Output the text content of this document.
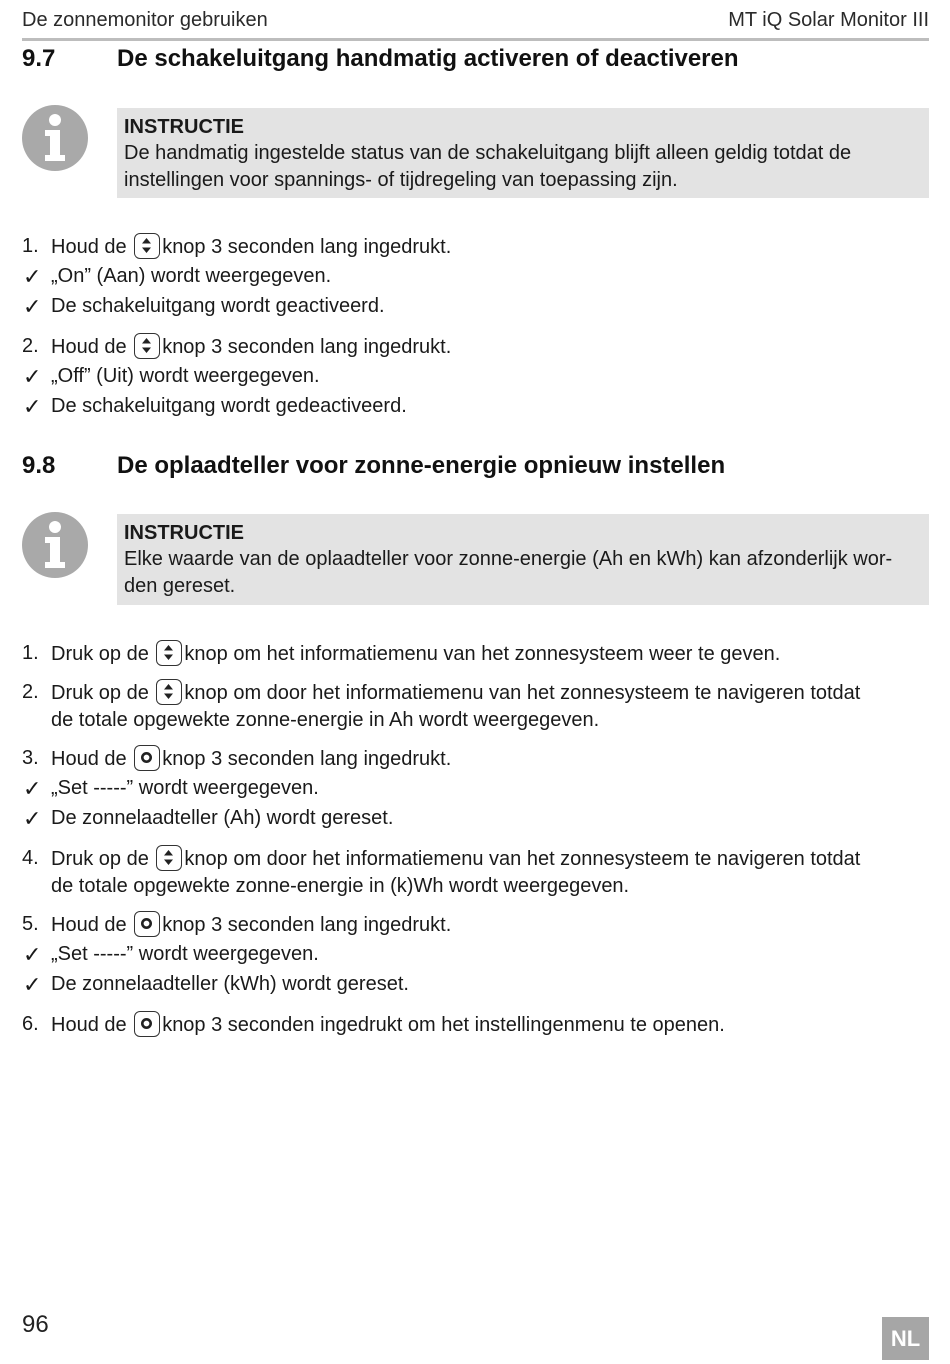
De zonnemonitor gebruiken	MT iQ Solar Monitor III
9.7	De schakeluitgang handmatig activeren of deactiveren
INSTRUCTIE
De handmatig ingestelde status van de schakeluitgang blijft alleen geldig totdat de
instellingen voor spannings- of tijdregeling van toepassing zijn.
1. Houd de knop 3 seconden lang ingedrukt.
✓ „On” (Aan) wordt weergegeven.
✓ De schakeluitgang wordt geactiveerd.
2. Houd de knop 3 seconden lang ingedrukt.
✓ „Off” (Uit) wordt weergegeven.
✓ De schakeluitgang wordt gedeactiveerd.
9.8	De oplaadteller voor zonne-energie opnieuw instellen
INSTRUCTIE
Elke waarde van de oplaadteller voor zonne-energie (Ah en kWh) kan afzonderlijk wor-
den gereset.
1. Druk op de knop om het informatiemenu van het zonnesysteem weer te geven.
2. Druk op de knop om door het informatiemenu van het zonnesysteem te navigeren totdat
de totale opgewekte zonne-energie in Ah wordt weergegeven.
3. Houd de knop 3 seconden lang ingedrukt.
✓ „Set -----” wordt weergegeven.
✓ De zonnelaadteller (Ah) wordt gereset.
4. Druk op de knop om door het informatiemenu van het zonnesysteem te navigeren totdat
de totale opgewekte zonne-energie in (k)Wh wordt weergegeven.
5. Houd de knop 3 seconden lang ingedrukt.
✓ „Set -----” wordt weergegeven.
✓ De zonnelaadteller (kWh) wordt gereset.
6. Houd de knop 3 seconden ingedrukt om het instellingenmenu te openen.
96
NL
